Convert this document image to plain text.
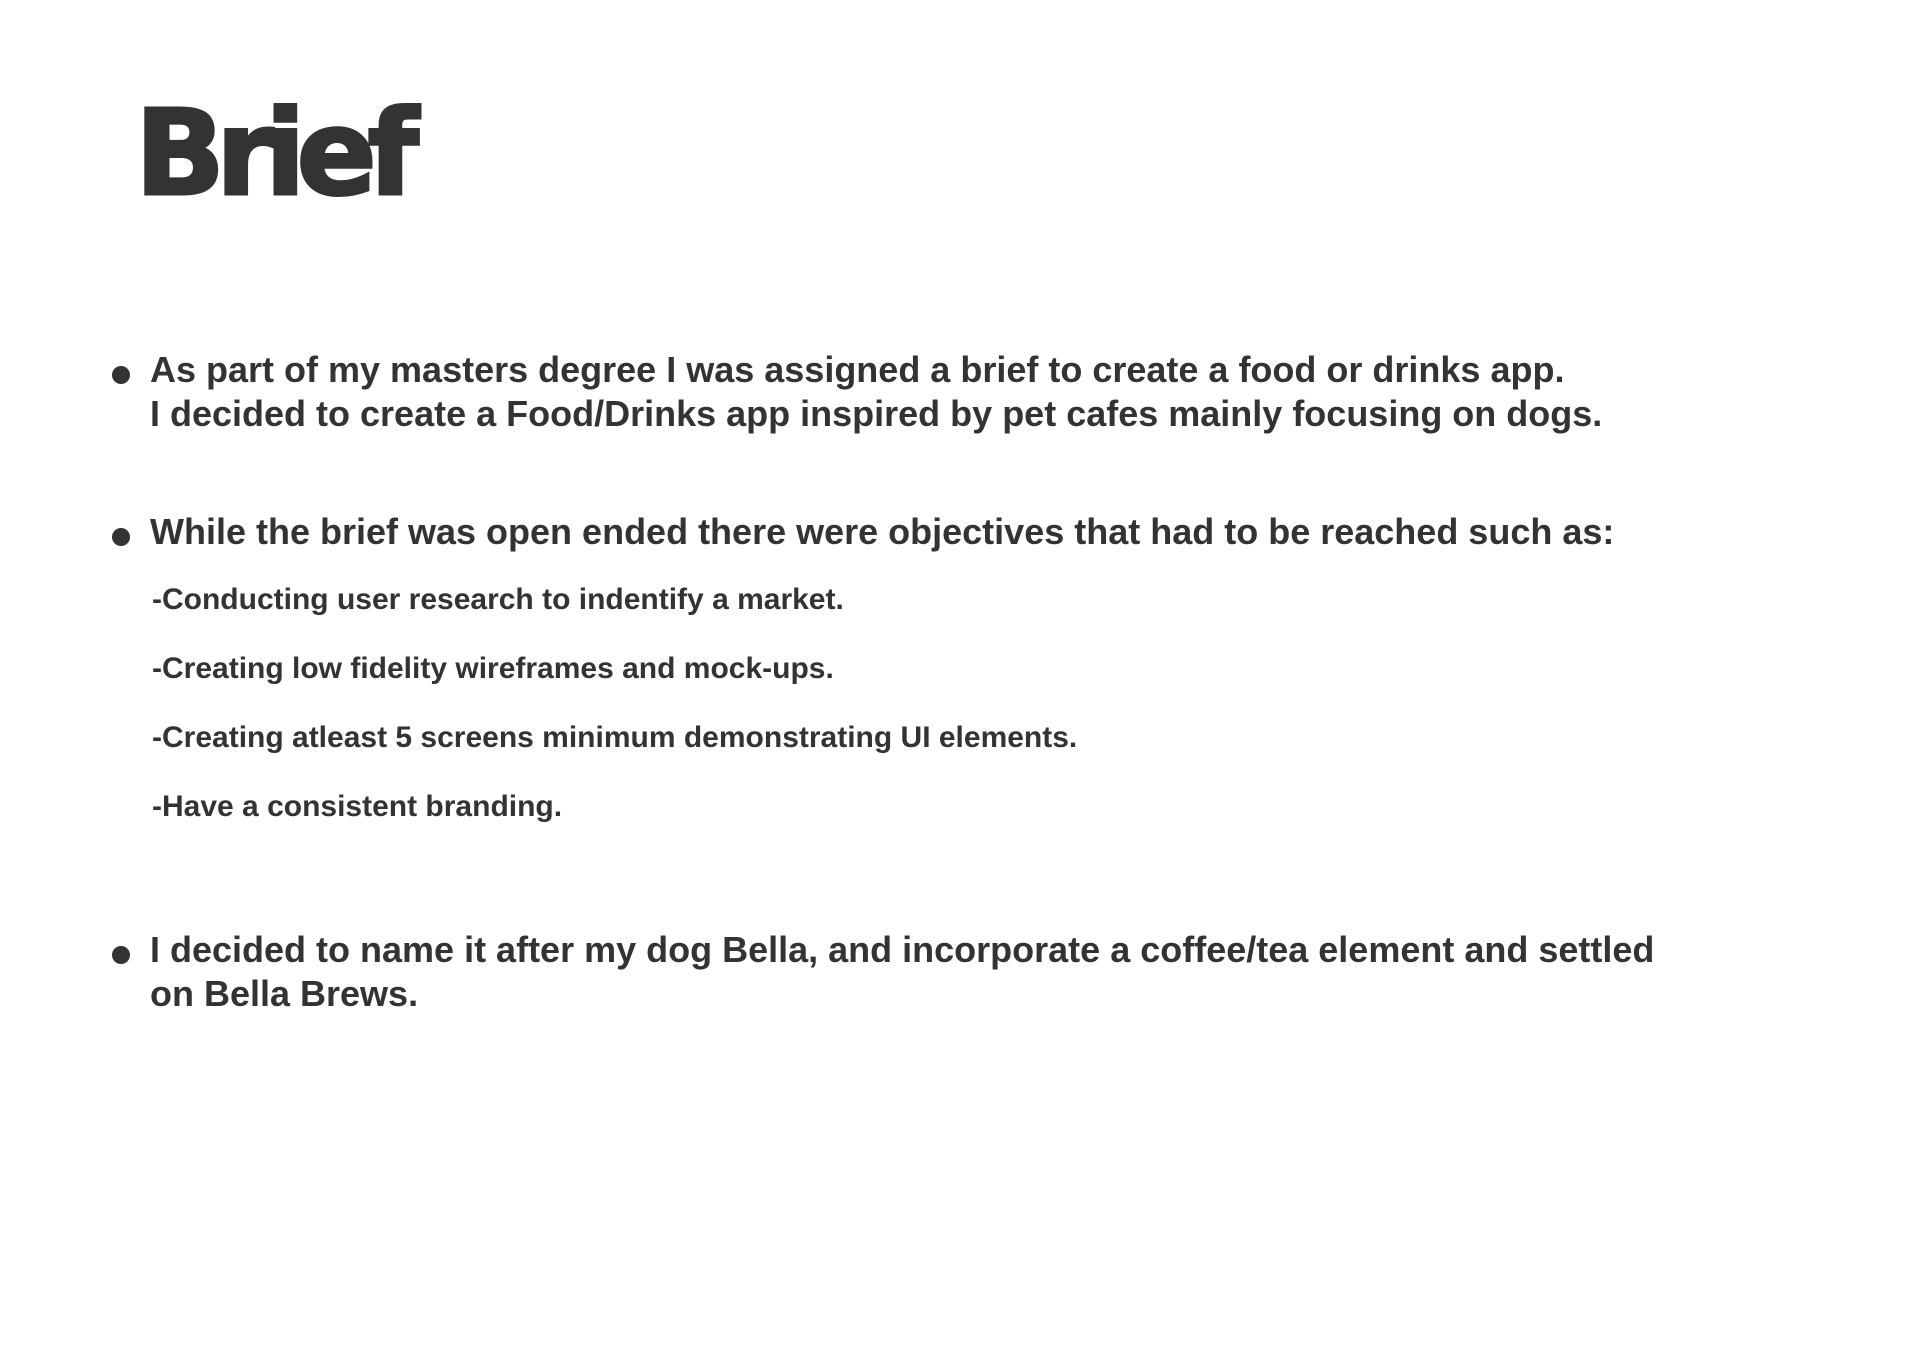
Brief

As part of my masters degree I was assigned a brief to create a food or drinks app.

I decided to create a Food/Drinks app inspired by pet cafes mainly focusing on dogs.

While the brief was open ended there were objectives that had to be reached such as:

-Conducting user research to indentify a market.
-Creating low fidelity wireframes and mock-ups.
-Creating atleast 5 screens minimum demonstrating UI elements.
-Have a consistent branding.

I decided to name it after my dog Bella, and incorporate a coffee/tea element and settled

on Bella Brews.
